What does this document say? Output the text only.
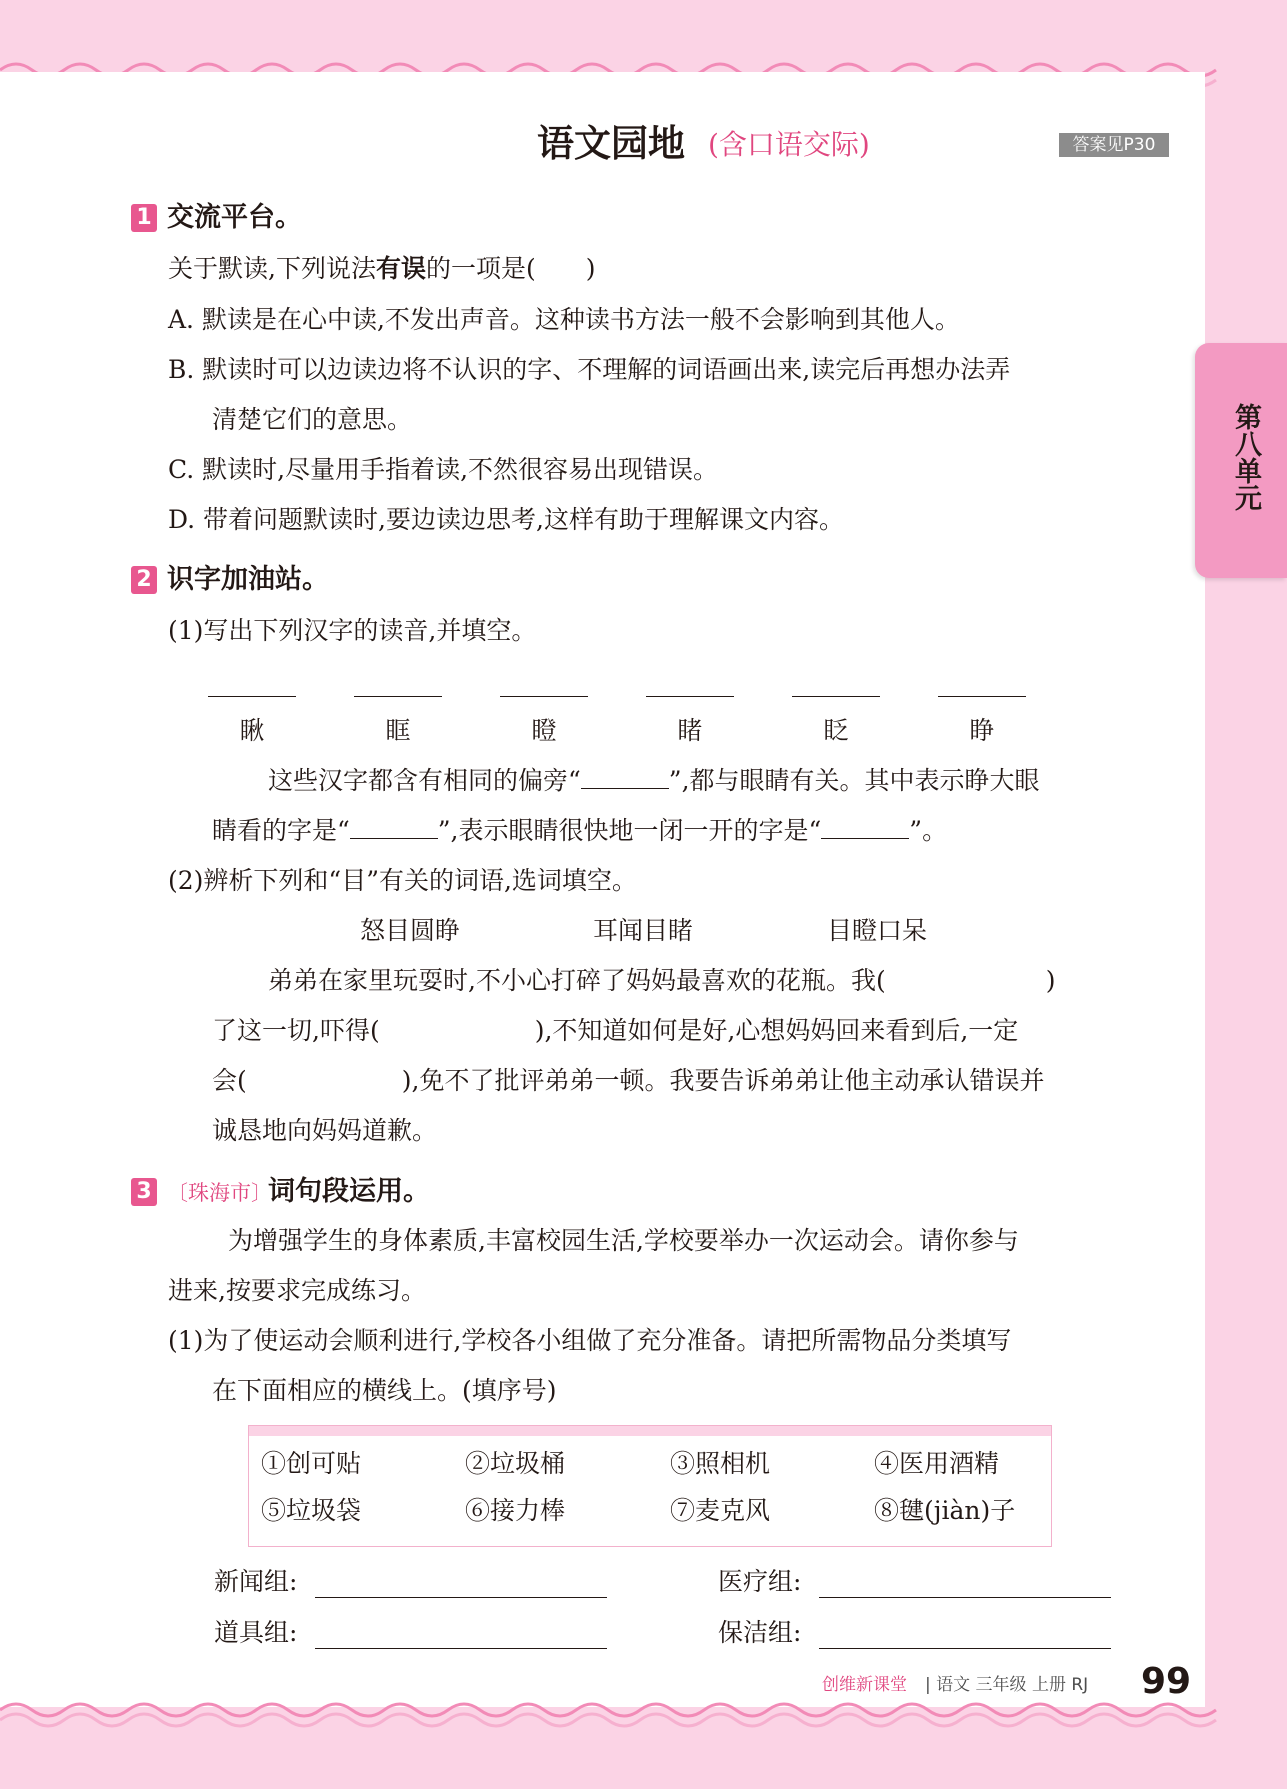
第八单元
语文园地 (含口语交际)	答案见P30
1 交流平台。
关于默读,下列说法有误的一项是( )
A. 默读是在心中读,不发出声音。这种读书方法一般不会影响到其他人。
B. 默读时可以边读边将不认识的字、不理解的词语画出来,读完后再想办法弄
清楚它们的意思。
C. 默读时,尽量用手指着读,不然很容易出现错误。
D. 带着问题默读时,要边读边思考,这样有助于理解课文内容。
2 识字加油站。
(1)写出下列汉字的读音,并填空。
瞅	眶	瞪	睹	眨	睁
这些汉字都含有相同的偏旁“	”,都与眼睛有关。其中表示睁大眼
睛看的字是“	”,表示眼睛很快地一闭一开的字是“	”。
(2)辨析下列和“目”有关的词语,选词填空。
怒目圆睁	耳闻目睹	目瞪口呆
弟弟在家里玩耍时,不小心打碎了妈妈最喜欢的花瓶。我(	)
了这一切,吓得(	),不知道如何是好,心想妈妈回来看到后,一定
会(	),免不了批评弟弟一顿。我要告诉弟弟让他主动承认错误并
诚恳地向妈妈道歉。
3 〔珠海市〕
词句段运用。
为增强学生的身体素质,丰富校园生活,学校要举办一次运动会。请你参与
进来,按要求完成练习。
(1)为了使运动会顺利进行,学校各小组做了充分准备。请把所需物品分类填写
在下面相应的横线上。(填序号)
①创可贴	②垃圾桶	③照相机	④医用酒精
⑤垃圾袋	⑥接力棒	⑦麦克风	⑧毽(jiàn)子
新闻组:	医疗组:
道具组:	保洁组:
创维新课堂 | 语文 三年级 上册 RJ 99
